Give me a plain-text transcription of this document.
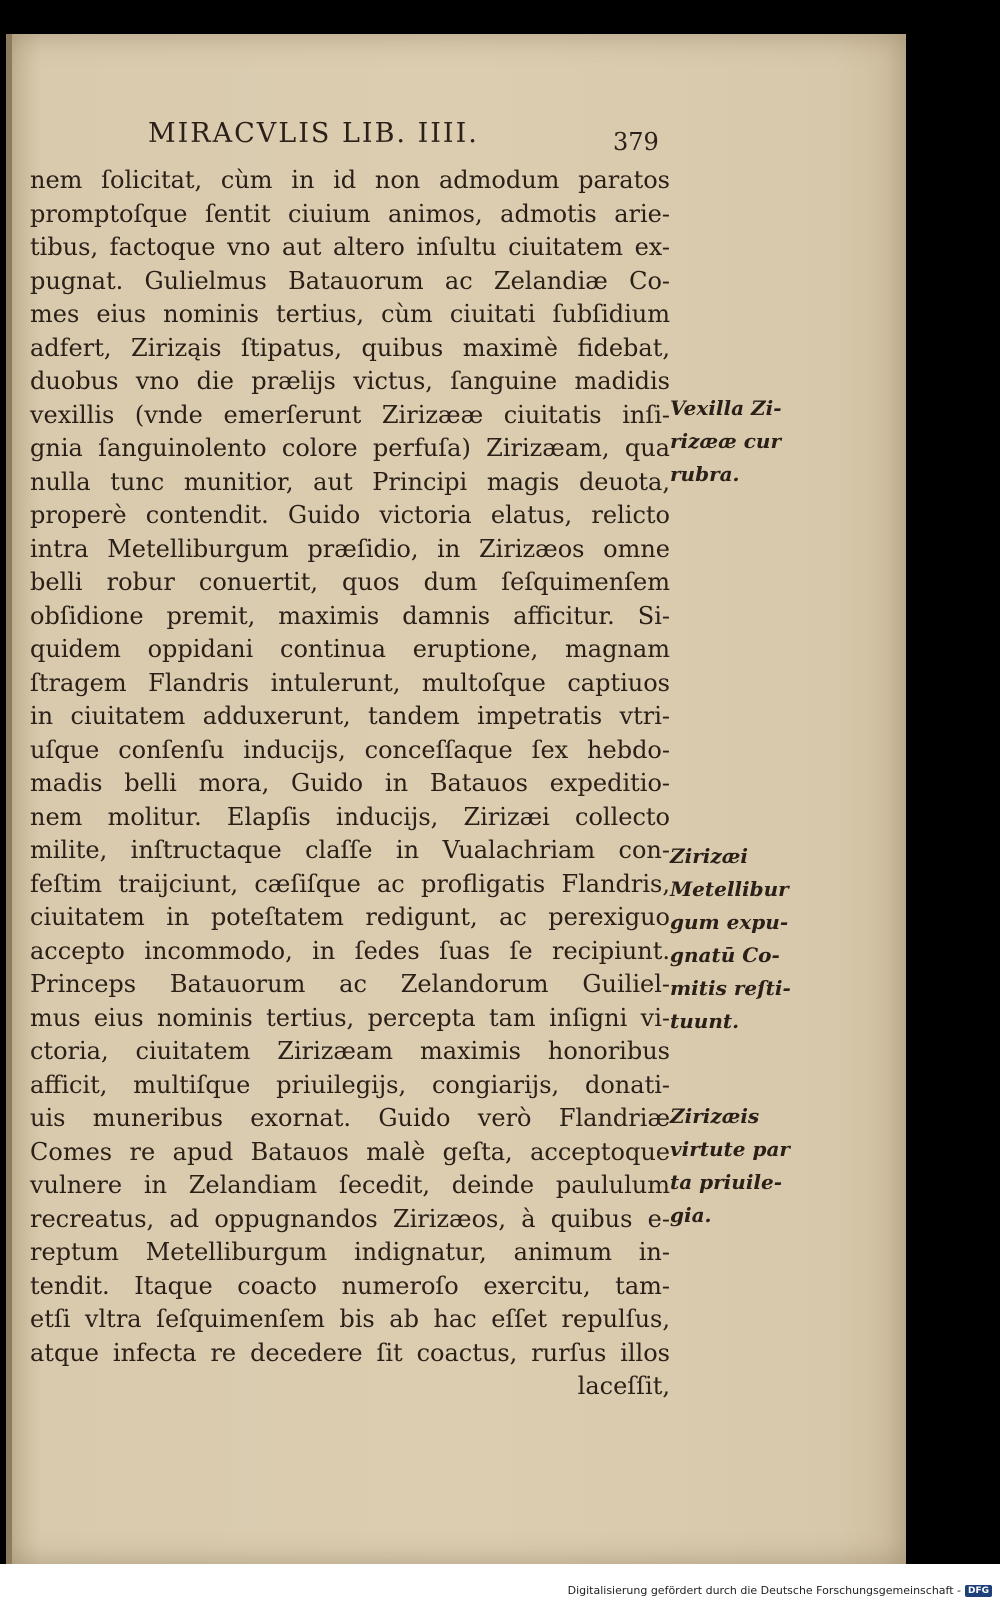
MIRACVLIS LIB. IIII.	379
nem ſolicitat, cùm in id non admodum paratos
promptoſque ſentit ciuium animos, admotis arie-
tibus, factoque vno aut altero inſultu ciuitatem ex-
pugnat. Gulielmus Batauorum ac Zelandiæ Co-
mes eius nominis tertius, cùm ciuitati ſubſidium
adfert, Ziriząis ſtipatus, quibus maximè fidebat,
duobus vno die prælijs victus, ſanguine madidis
vexillis (vnde emerſerunt Zirizææ ciuitatis inſi-
gnia ſanguinolento colore perfuſa) Zirizæam, qua
nulla tunc munitior, aut Principi magis deuota,
properè contendit. Guido victoria elatus, relicto
intra Metelliburgum præſidio, in Zirizæos omne
belli robur conuertit, quos dum ſeſquimenſem
obſidione premit, maximis damnis afficitur. Si-
quidem oppidani continua eruptione, magnam
ſtragem Flandris intulerunt, multoſque captiuos
in ciuitatem adduxerunt, tandem impetratis vtri-
uſque conſenſu inducijs, conceſſaque ſex hebdo-
madis belli mora, Guido in Batauos expeditio-
nem molitur. Elapſis inducijs, Zirizæi collecto
milite, inſtructaque claſſe in Vualachriam con-
feſtim traijciunt, cæſiſque ac profligatis Flandris,
ciuitatem in poteſtatem redigunt, ac perexiguo
accepto incommodo, in ſedes ſuas ſe recipiunt.
Princeps Batauorum ac Zelandorum Guiliel-
mus eius nominis tertius, percepta tam inſigni vi-
ctoria, ciuitatem Zirizæam maximis honoribus
afficit, multiſque priuilegijs, congiarijs, donati-
uis muneribus exornat. Guido verò Flandriæ
Comes re apud Batauos malè geſta, acceptoque
vulnere in Zelandiam ſecedit, deinde paululum
recreatus, ad oppugnandos Zirizæos, à quibus e-
reptum Metelliburgum indignatur, animum in-
tendit. Itaque coacto numeroſo exercitu, tam-
etſi vltra ſeſquimenſem bis ab hac eſſet repulſus,
atque infecta re decedere ſit coactus, rurſus illos
laceſſit,
Vexilla Zi-
rizææ cur
rubra.
Zirizæi
Metellibur
gum expu-
gnatū Co-
mitis reſti-
tuunt.
Zirizæis
virtute par
ta priuile-
gia.
Digitalisierung gefördert durch die Deutsche Forschungsgemeinschaft - DFG
